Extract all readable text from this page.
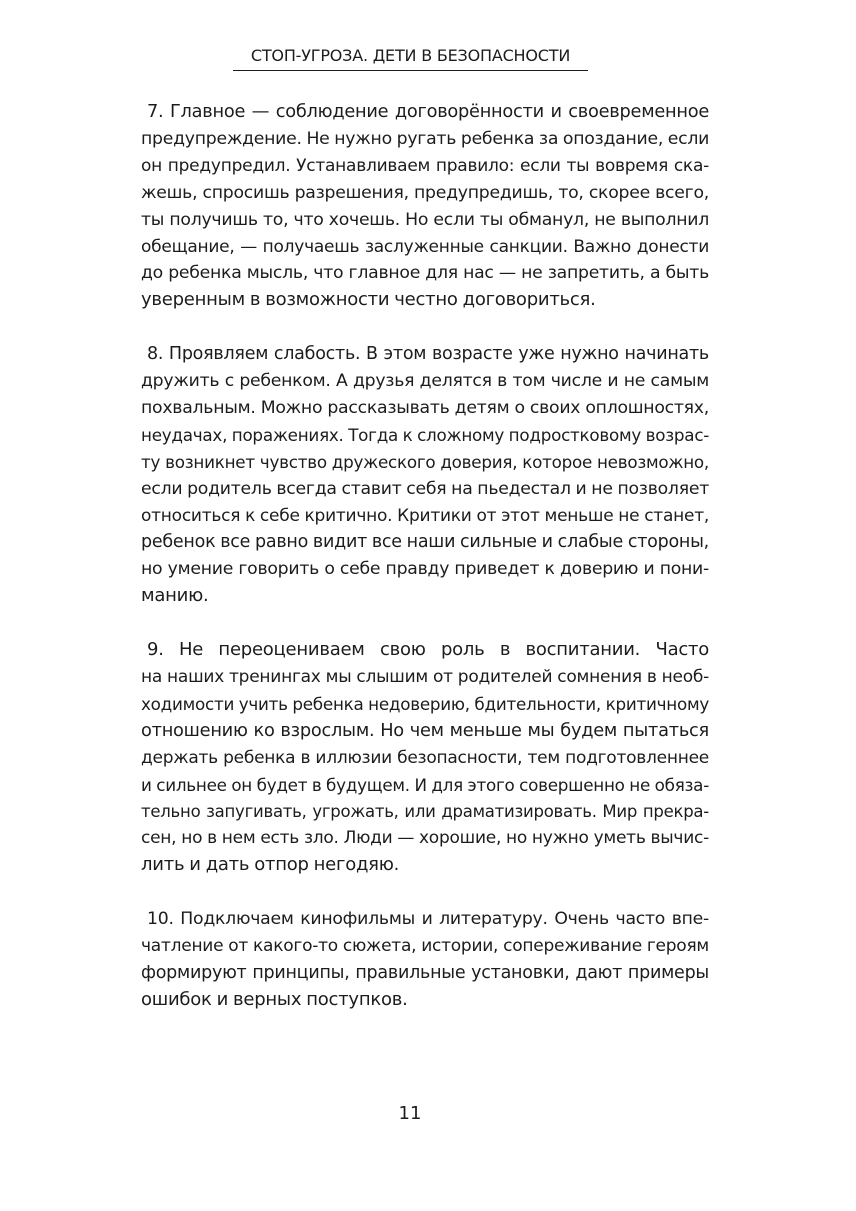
СТОП-УГРОЗА. ДЕТИ В БЕЗОПАСНОСТИ
7. Главное — соблюдение договорённости и своевременное
предупреждение. Не нужно ругать ребенка за опоздание, если
он предупредил. Устанавливаем правило: если ты вовремя ска-
жешь, спросишь разрешения, предупредишь, то, скорее всего,
ты получишь то, что хочешь. Но если ты обманул, не выполнил
обещание, — получаешь заслуженные санкции. Важно донести
до ребенка мысль, что главное для нас — не запретить, а быть
уверенным в возможности честно договориться.
8. Проявляем слабость. В этом возрасте уже нужно начинать
дружить с ребенком. А друзья делятся в том числе и не самым
похвальным. Можно рассказывать детям о своих оплошностях,
неудачах, поражениях. Тогда к сложному подростковому возрас-
ту возникнет чувство дружеского доверия, которое невозможно,
если родитель всегда ставит себя на пьедестал и не позволяет
относиться к себе критично. Критики от этот меньше не станет,
ребенок все равно видит все наши сильные и слабые стороны,
но умение говорить о себе правду приведет к доверию и пони-
манию.
9. Не переоцениваем свою роль в воспитании. Часто
на наших тренингах мы слышим от родителей сомнения в необ-
ходимости учить ребенка недоверию, бдительности, критичному
отношению ко взрослым. Но чем меньше мы будем пытаться
держать ребенка в иллюзии безопасности, тем подготовленнее
и сильнее он будет в будущем. И для этого совершенно не обяза-
тельно запугивать, угрожать, или драматизировать. Мир прекра-
сен, но в нем есть зло. Люди — хорошие, но нужно уметь вычис-
лить и дать отпор негодяю.
10. Подключаем кинофильмы и литературу. Очень часто впе-
чатление от какого-то сюжета, истории, сопереживание героям
формируют принципы, правильные установки, дают примеры
ошибок и верных поступков.
11
